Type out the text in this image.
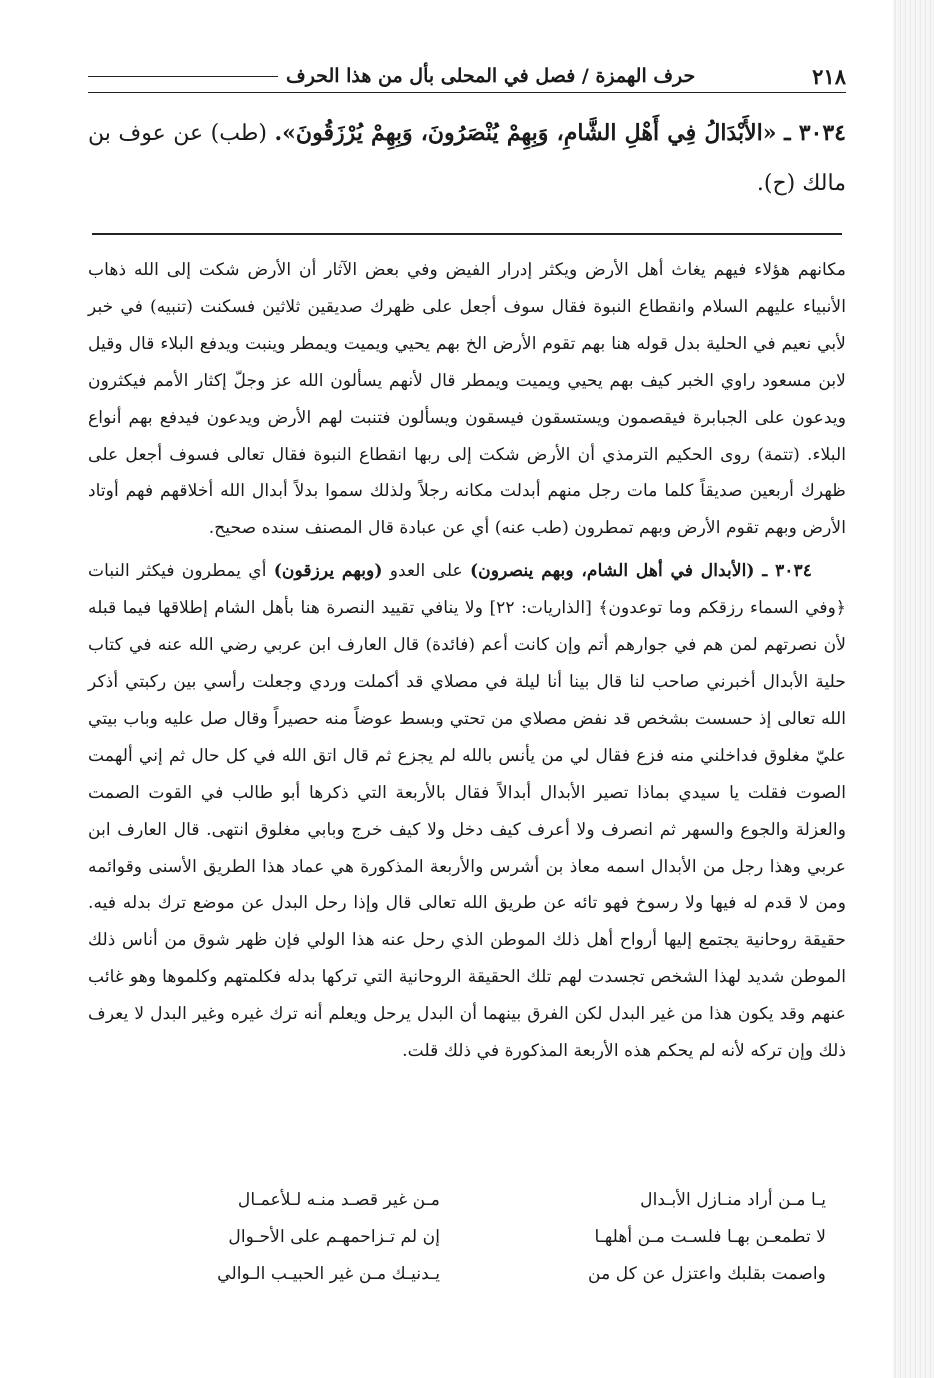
٢١٨
حرف الهمزة / فصل في المحلى بأل من هذا الحرف
٣٠٣٤ ـ «الأَبْدَالُ فِي أَهْلِ الشَّامِ، وَبِهِمْ يُنْصَرُونَ، وَبِهِمْ يُرْزَقُونَ». (طب) عن عوف بن مالك (ح).

مكانهم هؤلاء فيهم يغاث أهل الأرض ويكثر إدرار الفيض وفي بعض الآثار أن الأرض شكت إلى الله ذهاب الأنبياء عليهم السلام وانقطاع النبوة فقال سوف أجعل على ظهرك صديقين ثلاثين فسكنت (تنبيه) في خبر لأبي نعيم في الحلية بدل قوله هنا بهم تقوم الأرض الخ بهم يحيي ويميت ويمطر وينبت ويدفع البلاء قال وقيل لابن مسعود راوي الخبر كيف بهم يحيي ويميت ويمطر قال لأنهم يسألون الله عز وجلّ إكثار الأمم فيكثرون ويدعون على الجبابرة فيقصمون ويستسقون فيسقون ويسألون فتنبت لهم الأرض ويدعون فيدفع بهم أنواع البلاء. (تتمة) روى الحكيم الترمذي أن الأرض شكت إلى ربها انقطاع النبوة فقال تعالى فسوف أجعل على ظهرك أربعين صديقاً كلما مات رجل منهم أبدلت مكانه رجلاً ولذلك سموا بدلاً أبدال الله أخلاقهم فهم أوتاد الأرض وبهم تقوم الأرض وبهم تمطرون (طب عنه) أي عن عبادة قال المصنف سنده صحيح.

٣٠٣٤ ـ (الأبدال في أهل الشام، وبهم ينصرون) على العدو (وبهم يرزقون) أي يمطرون فيكثر النبات ﴿وفي السماء رزقكم وما توعدون﴾ [الذاريات: ٢٢] ولا ينافي تقييد النصرة هنا بأهل الشام إطلاقها فيما قبله لأن نصرتهم لمن هم في جوارهم أتم وإن كانت أعم (فائدة) قال العارف ابن عربي رضي الله عنه في كتاب حلية الأبدال أخبرني صاحب لنا قال بينا أنا ليلة في مصلاي قد أكملت وردي وجعلت رأسي بين ركبتي أذكر الله تعالى إذ حسست بشخص قد نفض مصلاي من تحتي وبسط عوضاً منه حصيراً وقال صل عليه وباب بيتي عليّ مغلوق فداخلني منه فزع فقال لي من يأنس بالله لم يجزع ثم قال اتق الله في كل حال ثم إني ألهمت الصوت فقلت يا سيدي بماذا تصير الأبدال أبدالاً فقال بالأربعة التي ذكرها أبو طالب في القوت الصمت والعزلة والجوع والسهر ثم انصرف ولا أعرف كيف دخل ولا كيف خرج وبابي مغلوق انتهى. قال العارف ابن عربي وهذا رجل من الأبدال اسمه معاذ بن أشرس والأربعة المذكورة هي عماد هذا الطريق الأسنى وقوائمه ومن لا قدم له فيها ولا رسوخ فهو تائه عن طريق الله تعالى قال وإذا رحل البدل عن موضع ترك بدله فيه. حقيقة روحانية يجتمع إليها أرواح أهل ذلك الموطن الذي رحل عنه هذا الولي فإن ظهر شوق من أناس ذلك الموطن شديد لهذا الشخص تجسدت لهم تلك الحقيقة الروحانية التي تركها بدله فكلمتهم وكلموها وهو غائب عنهم وقد يكون هذا من غير البدل لكن الفرق بينهما أن البدل يرحل ويعلم أنه ترك غيره وغير البدل لا يعرف ذلك وإن تركه لأنه لم يحكم هذه الأربعة المذكورة في ذلك قلت.

يـا مـن أراد منـازل الأبـدال
مـن غير قصـد منـه لـلأعمـال
لا تطمعـن بهـا فلسـت مـن أهلهـا
إن لم تـزاحمهـم على الأحـوال
واصمت بقلبك واعتزل عن كل من
يـدنيـك مـن غير الحبيـب الـوالي
